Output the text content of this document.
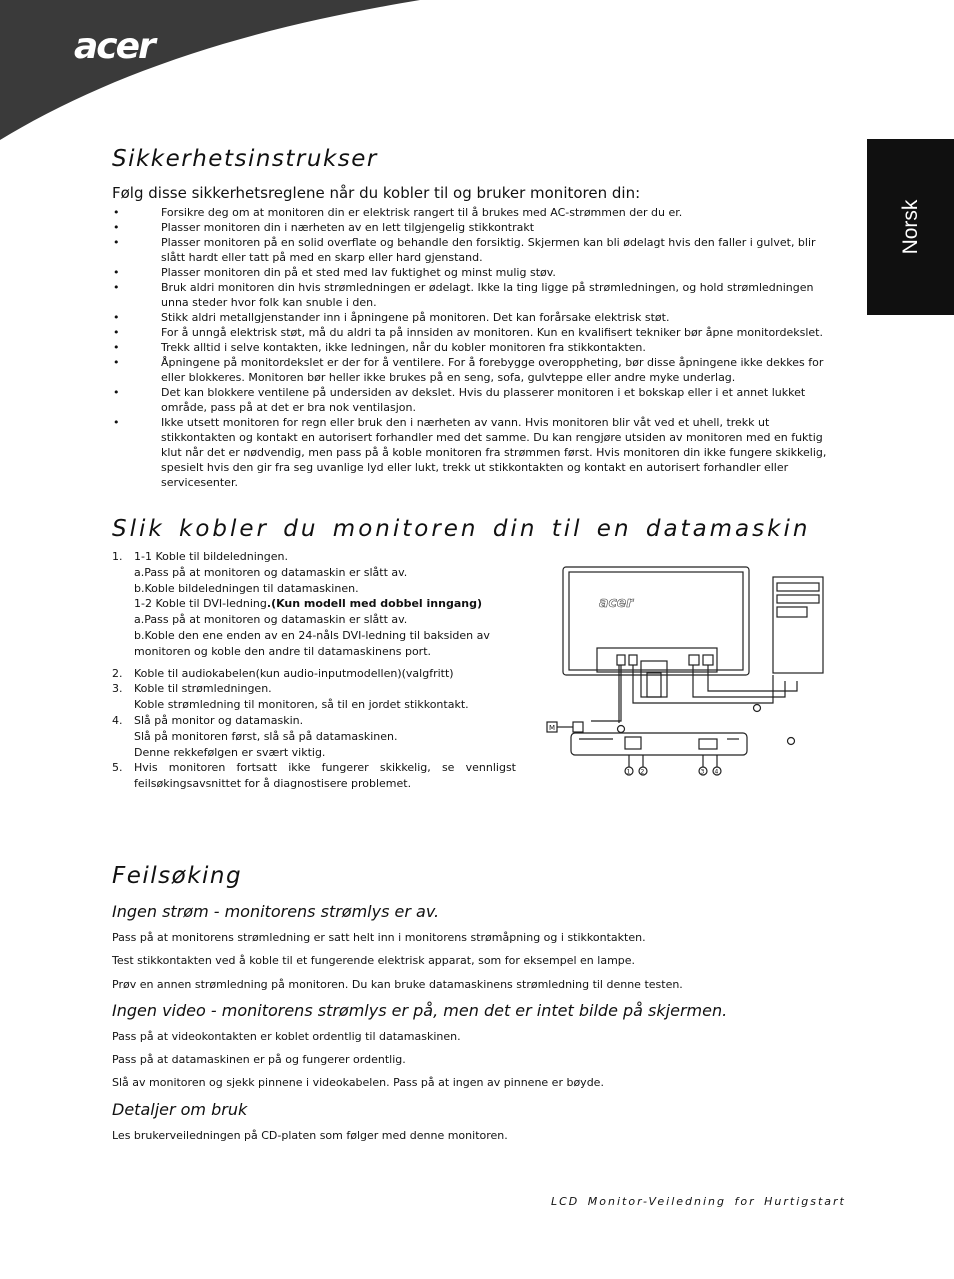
acer
Norsk
Sikkerhetsinstrukser
Følg disse sikkerhetsreglene når du kobler til og bruker monitoren din:
• Forsikre deg om at monitoren din er elektrisk rangert til å brukes med AC-strømmen der du er.
• Plasser monitoren din i nærheten av en lett tilgjengelig stikkontrakt
• Plasser monitoren på en solid overflate og behandle den forsiktig. Skjermen kan bli ødelagt hvis den faller i gulvet, blir slått hardt eller tatt på med en skarp eller hard gjenstand.
• Plasser monitoren din på et sted med lav fuktighet og minst mulig støv.
• Bruk aldri monitoren din hvis strømledningen er ødelagt. Ikke la ting ligge på strømledningen, og hold strømledningen unna steder hvor folk kan snuble i den.
• Stikk aldri metallgjenstander inn i åpningene på monitoren. Det kan forårsake elektrisk støt.
• For å unngå elektrisk støt, må du aldri ta på innsiden av monitoren. Kun en kvalifisert tekniker bør åpne monitordekslet.
• Trekk alltid i selve kontakten, ikke ledningen, når du kobler monitoren fra stikkontakten.
• Åpningene på monitordekslet er der for å ventilere. For å forebygge overoppheting, bør disse åpningene ikke dekkes for eller blokkeres. Monitoren bør heller ikke brukes på en seng, sofa, gulvteppe eller andre myke underlag.
• Det kan blokkere ventilene på undersiden av dekslet. Hvis du plasserer monitoren i et bokskap eller i et annet lukket område, pass på at det er bra nok ventilasjon.
• Ikke utsett monitoren for regn eller bruk den i nærheten av vann. Hvis monitoren blir våt ved et uhell, trekk ut stikkontakten og kontakt en autorisert forhandler med det samme. Du kan rengjøre utsiden av monitoren med en fuktig klut når det er nødvendig, men pass på å koble monitoren fra strømmen først. Hvis monitoren din ikke fungere skikkelig, spesielt hvis den gir fra seg uvanlige lyd eller lukt, trekk ut stikkontakten og kontakt en autorisert forhandler eller servicesenter.
Slik kobler du monitoren din til en datamaskin
1. 1-1 Koble til bildeledningen.
a.Pass på at monitoren og datamaskin er slått av.
b.Koble bildeledningen til datamaskinen.
1-2 Koble til DVI-ledning.(Kun modell med dobbel inngang)
a.Pass på at monitoren og datamaskin er slått av.
b.Koble den ene enden av en 24-nåls DVI-ledning til baksiden av monitoren og koble den andre til datamaskinens port.
2. Koble til audiokabelen(kun audio-inputmodellen)(valgfritt)
3. Koble til strømledningen.
Koble strømledning til monitoren, så til en jordet stikkontakt.
4. Slå på monitor og datamaskin.
Slå på monitoren først, slå så på datamaskinen.
Denne rekkefølgen er svært viktig.
5. Hvis monitoren fortsatt ikke fungerer skikkelig, se vennligst feilsøkingsavsnittet for å diagnostisere problemet.
acer
M
1 2	3 4
Feilsøking
Ingen strøm - monitorens strømlys er av.

Pass på at monitorens strømledning er satt helt inn i monitorens strømåpning og i stikkontakten.

Test stikkontakten ved å koble til et fungerende elektrisk apparat, som for eksempel en lampe.

Prøv en annen strømledning på monitoren. Du kan bruke datamaskinens strømledning til denne testen.

Ingen video - monitorens strømlys er på, men det er intet bilde på skjermen.

Pass på at videokontakten er koblet ordentlig til datamaskinen.

Pass på at datamaskinen er på og fungerer ordentlig.

Slå av monitoren og sjekk pinnene i videokabelen. Pass på at ingen av pinnene er bøyde.

Detaljer om bruk

Les brukerveiledningen på CD-platen som følger med denne monitoren.

LCD Monitor-Veiledning for Hurtigstart
